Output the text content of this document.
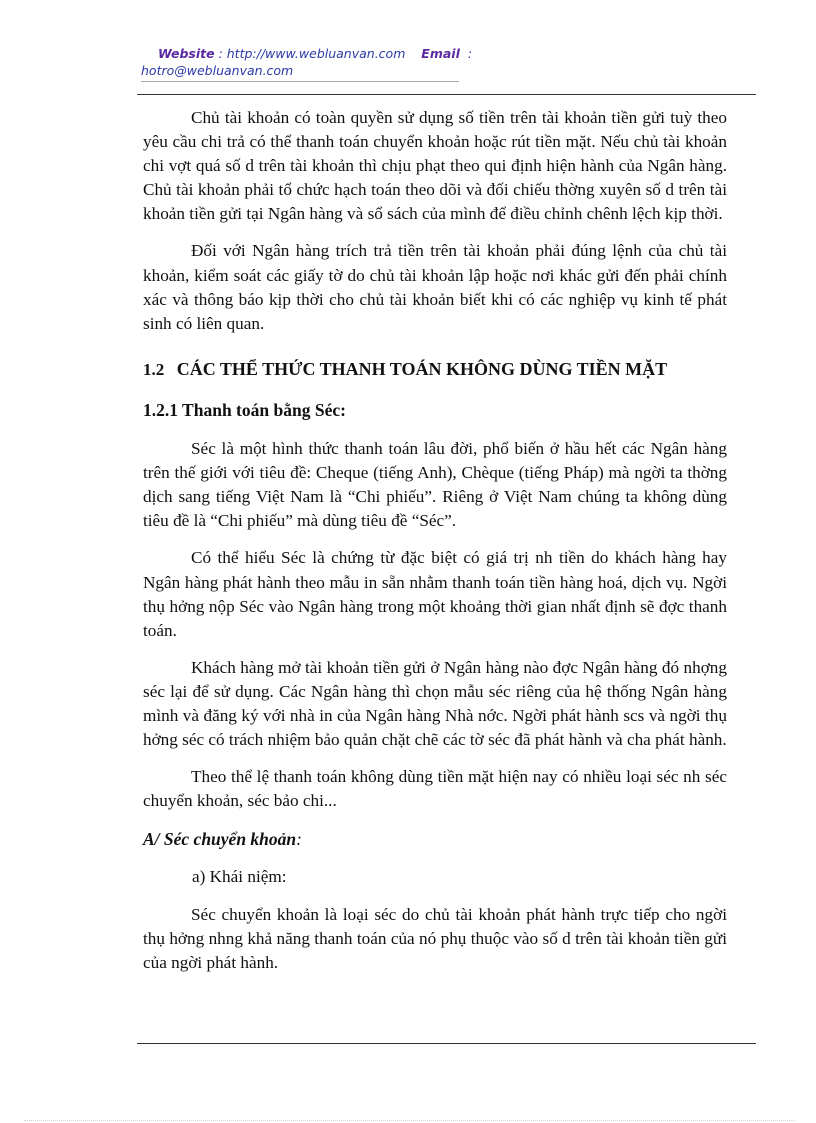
Website : http://www.webluanvan.com Email :
hotro@webluanvan.com

Chủ tài khoản có toàn quyền sử dụng số tiền trên tài khoản tiền gửi tuỳ theo yêu cầu chi trả có thể thanh toán chuyển khoản hoặc rút tiền mặt. Nếu chủ tài khoản chi vợt quá số d trên tài khoản thì chịu phạt theo qui định hiện hành của Ngân hàng. Chủ tài khoản phải tổ chức hạch toán theo dõi và đối chiếu thờng xuyên số d trên tài khoản tiền gửi tại Ngân hàng và sổ sách của mình để điều chỉnh chênh lệch kịp thời.

Đối với Ngân hàng trích trả tiền trên tài khoản phải đúng lệnh của chủ tài khoản, kiểm soát các giấy tờ do chủ tài khoản lập hoặc nơi khác gửi đến phải chính xác và thông báo kịp thời cho chủ tài khoản biết khi có các nghiệp vụ kinh tế phát sinh có liên quan.

1.2 CÁC THỂ THỨC THANH TOÁN KHÔNG DÙNG TIỀN MẶT
1.2.1 Thanh toán bằng Séc:

Séc là một hình thức thanh toán lâu đời, phổ biến ở hầu hết các Ngân hàng trên thế giới với tiêu đề: Cheque (tiếng Anh), Chèque (tiếng Pháp) mà ngời ta thờng dịch sang tiếng Việt Nam là “Chi phiếu”. Riêng ở Việt Nam chúng ta không dùng tiêu đề là “Chi phiếu” mà dùng tiêu đề “Séc”.

Có thể hiểu Séc là chứng từ đặc biệt có giá trị nh tiền do khách hàng hay Ngân hàng phát hành theo mẫu in sẵn nhằm thanh toán tiền hàng hoá, dịch vụ. Ngời thụ hởng nộp Séc vào Ngân hàng trong một khoảng thời gian nhất định sẽ đợc thanh toán.

Khách hàng mở tài khoản tiền gửi ở Ngân hàng nào đợc Ngân hàng đó nhợng séc lại để sử dụng. Các Ngân hàng thì chọn mẫu séc riêng của hệ thống Ngân hàng mình và đăng ký với nhà in của Ngân hàng Nhà nớc. Ngời phát hành scs và ngời thụ hởng séc có trách nhiệm bảo quản chặt chẽ các tờ séc đã phát hành và cha phát hành.

Theo thể lệ thanh toán không dùng tiền mặt hiện nay có nhiều loại séc nh séc chuyển khoản, séc bảo chi...

A/ Séc chuyển khoản:

a) Khái niệm:

Séc chuyển khoản là loại séc do chủ tài khoản phát hành trực tiếp cho ngời thụ hởng nhng khả năng thanh toán của nó phụ thuộc vào số d trên tài khoản tiền gửi của ngời phát hành.
